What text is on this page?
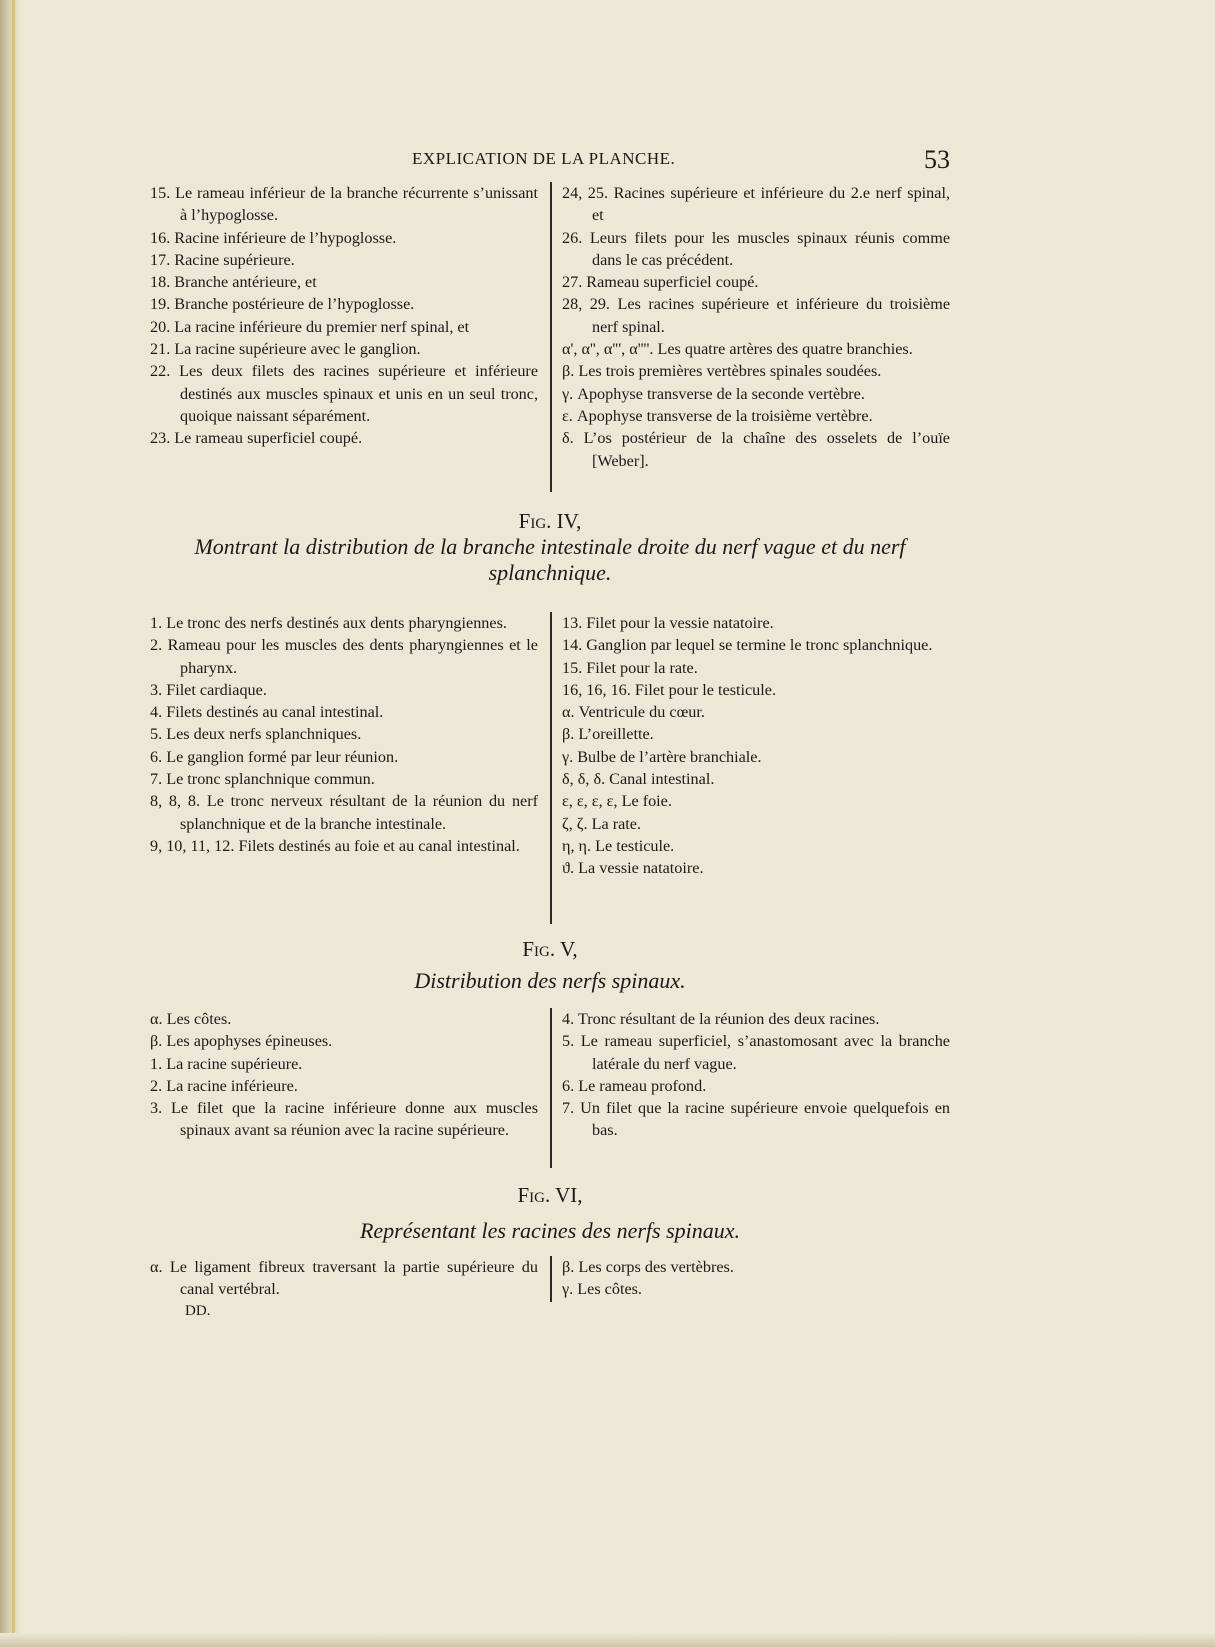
EXPLICATION DE LA PLANCHE.	53
15. Le rameau inférieur de la branche récurrente s’unissant à l’hypoglosse.
16. Racine inférieure de l’hypoglosse.
17. Racine supérieure.
18. Branche antérieure, et
19. Branche postérieure de l’hypoglosse.
20. La racine inférieure du premier nerf spinal, et
21. La racine supérieure avec le ganglion.
22. Les deux filets des racines supérieure et inférieure destinés aux muscles spinaux et unis en un seul tronc, quoique naissant séparément.
23. Le rameau superficiel coupé.
24, 25. Racines supérieure et inférieure du 2.e nerf spinal, et
26. Leurs filets pour les muscles spinaux réunis comme dans le cas précédent.
27. Rameau superficiel coupé.
28, 29. Les racines supérieure et inférieure du troisième nerf spinal.
α', α'', α''', α''''. Les quatre artères des quatre branchies.
β. Les trois premières vertèbres spinales soudées.
γ. Apophyse transverse de la seconde vertèbre.
ε. Apophyse transverse de la troisième vertèbre.
δ. L’os postérieur de la chaîne des osselets de l’ouïe [Weber].
Fig. IV,
Montrant la distribution de la branche intestinale droite du nerf vague et du nerf splanchnique.
1. Le tronc des nerfs destinés aux dents pharyngiennes.
2. Rameau pour les muscles des dents pharyngiennes et le pharynx.
3. Filet cardiaque.
4. Filets destinés au canal intestinal.
5. Les deux nerfs splanchniques.
6. Le ganglion formé par leur réunion.
7. Le tronc splanchnique commun.
8, 8, 8. Le tronc nerveux résultant de la réunion du nerf splanchnique et de la branche intestinale.
9, 10, 11, 12. Filets destinés au foie et au canal intestinal.
13. Filet pour la vessie natatoire.
14. Ganglion par lequel se termine le tronc splanchnique.
15. Filet pour la rate.
16, 16, 16. Filet pour le testicule.
α. Ventricule du cœur.
β. L’oreillette.
γ. Bulbe de l’artère branchiale.
δ, δ, δ. Canal intestinal.
ε, ε, ε, ε, Le foie.
ζ, ζ. La rate.
η, η. Le testicule.
ϑ. La vessie natatoire.
Fig. V,
Distribution des nerfs spinaux.
α. Les côtes.
β. Les apophyses épineuses.
1. La racine supérieure.
2. La racine inférieure.
3. Le filet que la racine inférieure donne aux muscles spinaux avant sa réunion avec la racine supérieure.
4. Tronc résultant de la réunion des deux racines.
5. Le rameau superficiel, s’anastomosant avec la branche latérale du nerf vague.
6. Le rameau profond.
7. Un filet que la racine supérieure envoie quelquefois en bas.
Fig. VI,
Représentant les racines des nerfs spinaux.
α. Le ligament fibreux traversant la partie supérieure du canal vertébral.
β. Les corps des vertèbres.
γ. Les côtes.
DD.
